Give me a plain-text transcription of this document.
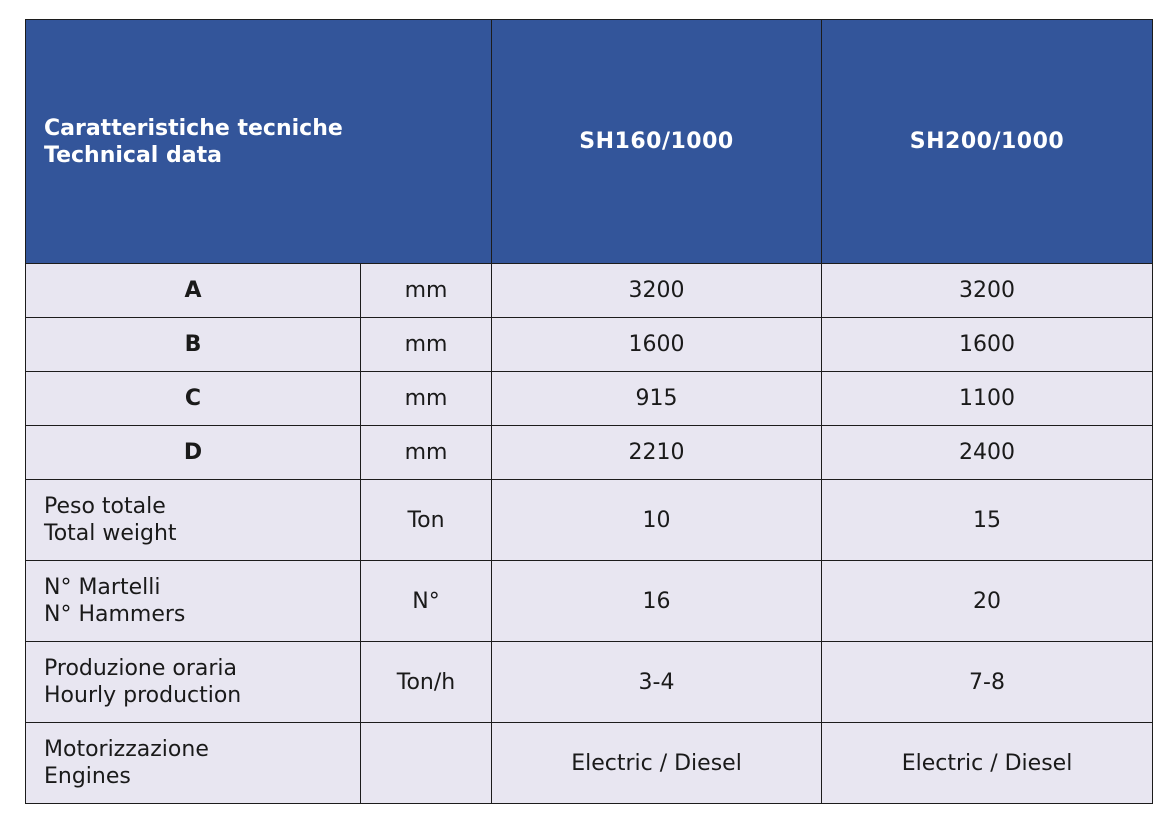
Caratteristiche tecniche
Technical data		SH160/1000	SH200/1000
A	mm	3200	3200
B	mm	1600	1600
C	mm	915	1100
D	mm	2210	2400

Peso totale
Total weight	Ton	10	15

N° Martelli
N° Hammers	N°	16	20

Produzione oraria
Hourly production	Ton/h	3-4	7-8

Motorizzazione
Engines		Electric / Diesel	Electric / Diesel
